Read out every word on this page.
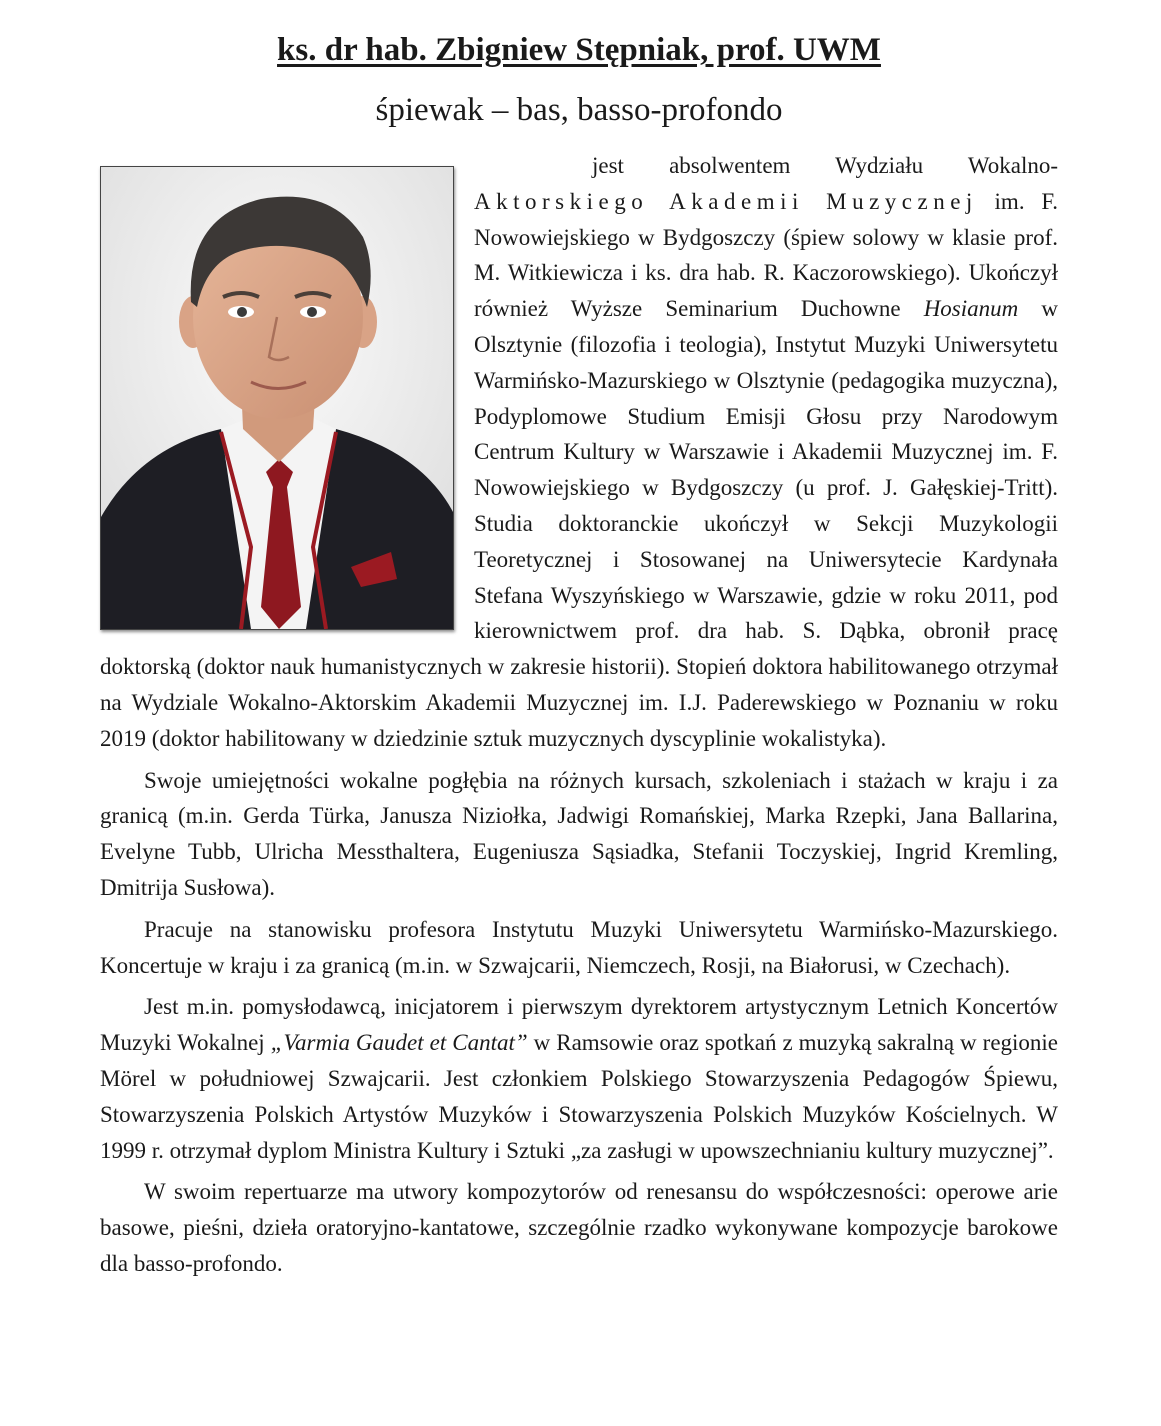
ks. dr hab. Zbigniew Stępniak, prof. UWM
śpiewak – bas, basso-profondo

jest absolwentem Wydziału Wokalno- Aktorskiego Akademii Muzycznej im. F. Nowowiejskiego w Bydgoszczy (śpiew solowy w klasie prof. M. Witkiewicza i ks. dra hab. R. Kaczorowskiego). Ukończył również Wyższe Seminarium Duchowne Hosianum w Olsztynie (filozofia i teologia), Instytut Muzyki Uniwersytetu Warmińsko-Mazurskiego w Olsztynie (pedagogika muzyczna), Podyplomowe Studium Emisji Głosu przy Narodowym Centrum Kultury w Warszawie i Akademii Muzycznej im. F. Nowowiejskiego w Bydgoszczy (u prof. J. Gałęskiej-Tritt). Studia doktoranckie ukończył w Sekcji Muzykologii Teoretycznej i Stosowanej na Uniwersytecie Kardynała Stefana Wyszyńskiego w Warszawie, gdzie w roku 2011, pod kierownictwem prof. dra hab. S. Dąbka, obronił pracę doktorską (doktor nauk humanistycznych w zakresie historii). Stopień doktora habilitowanego otrzymał na Wydziale Wokalno-Aktorskim Akademii Muzycznej im. I.J. Paderewskiego w Poznaniu w roku 2019 (doktor habilitowany w dziedzinie sztuk muzycznych dyscyplinie wokalistyka).

Swoje umiejętności wokalne pogłębia na różnych kursach, szkoleniach i stażach w kraju i za granicą (m.in. Gerda Türka, Janusza Niziołka, Jadwigi Romańskiej, Marka Rzepki, Jana Ballarina, Evelyne Tubb, Ulricha Messthaltera, Eugeniusza Sąsiadka, Stefanii Toczyskiej, Ingrid Kremling, Dmitrija Susłowa).

Pracuje na stanowisku profesora Instytutu Muzyki Uniwersytetu Warmińsko-Mazurskiego. Koncertuje w kraju i za granicą (m.in. w Szwajcarii, Niemczech, Rosji, na Białorusi, w Czechach).

Jest m.in. pomysłodawcą, inicjatorem i pierwszym dyrektorem artystycznym Letnich Koncertów Muzyki Wokalnej „Varmia Gaudet et Cantat” w Ramsowie oraz spotkań z muzyką sakralną w regionie Mörel w południowej Szwajcarii. Jest członkiem Polskiego Stowarzyszenia Pedagogów Śpiewu, Stowarzyszenia Polskich Artystów Muzyków i Stowarzyszenia Polskich Muzyków Kościelnych. W 1999 r. otrzymał dyplom Ministra Kultury i Sztuki „za zasługi w upowszechnianiu kultury muzycznej”.

W swoim repertuarze ma utwory kompozytorów od renesansu do współczesności: operowe arie basowe, pieśni, dzieła oratoryjno-kantatowe, szczególnie rzadko wykonywane kompozycje barokowe dla basso-profondo.
